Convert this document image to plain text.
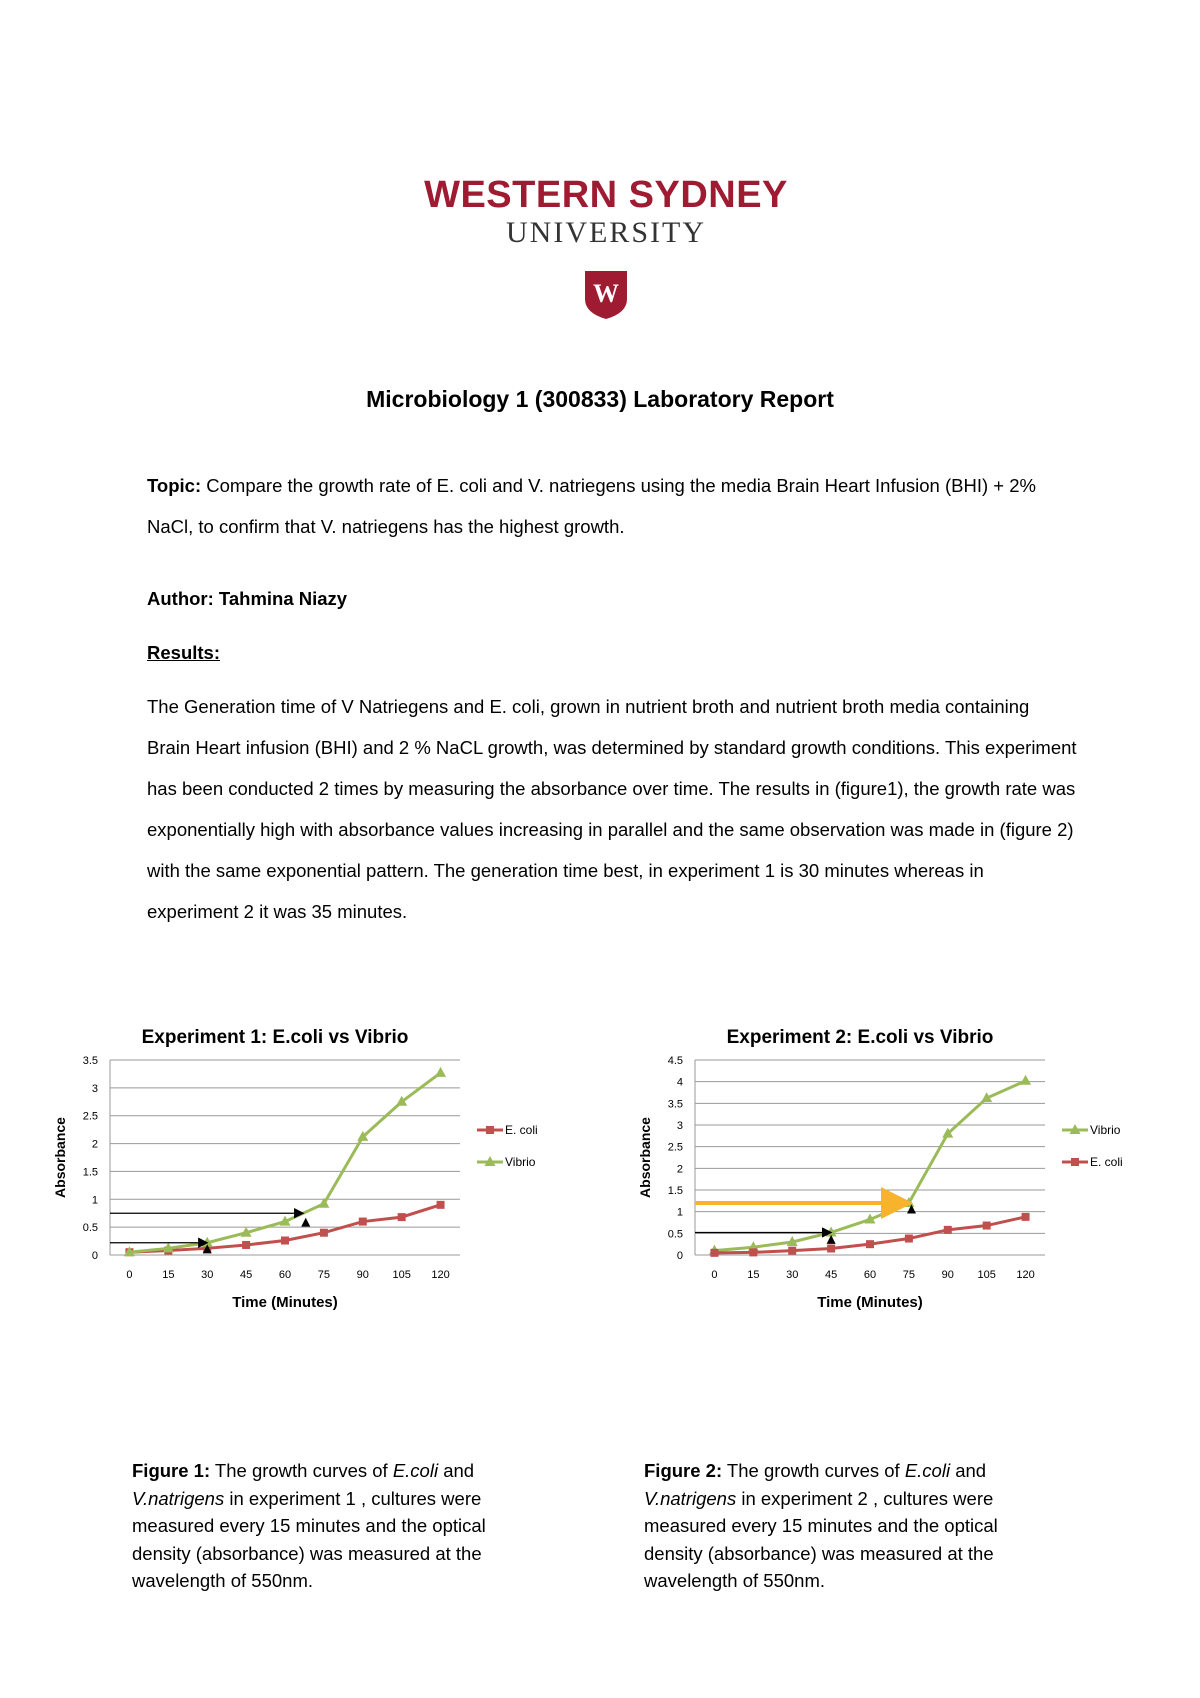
WESTERN SYDNEY
UNIVERSITY
W
Microbiology 1 (300833) Laboratory Report
Topic: Compare the growth rate of E. coli and V. natriegens using the media Brain Heart Infusion (BHI) + 2% NaCl, to confirm that V. natriegens has the highest growth.
Author: Tahmina Niazy
Results:
The Generation time of V Natriegens and E. coli, grown in nutrient broth and nutrient broth media containing Brain Heart infusion (BHI) and 2 % NaCL growth, was determined by standard growth conditions. This experiment has been conducted 2 times by measuring the absorbance over time. The results in (figure1), the growth rate was exponentially high with absorbance values increasing in parallel and the same observation was made in (figure 2) with the same exponential pattern. The generation time best, in experiment 1 is 30 minutes whereas in experiment 2 it was 35 minutes.
Experiment 1: E.coli vs Vibrio
0
0.5
1
1.5
2
2.5
3
3.5
0	15 30 45 60 75 90 105 120
Time (Minutes)
Absorbance	E. coli
Vibrio
Experiment 2: E.coli vs Vibrio
0
0.5
1
1.5
2
2.5
3
3.5
4
4.5
0	15 30 45 60 75 90 105 120
Time (Minutes)
Absorbance	Vibrio
E. coli
Figure 1: The growth curves of E.coli and V.natrigens in experiment 1 , cultures were measured every 15 minutes and the optical density (absorbance) was measured at the wavelength of 550nm.
Figure 2: The growth curves of E.coli and V.natrigens in experiment 2 , cultures were measured every 15 minutes and the optical density (absorbance) was measured at the wavelength of 550nm.
